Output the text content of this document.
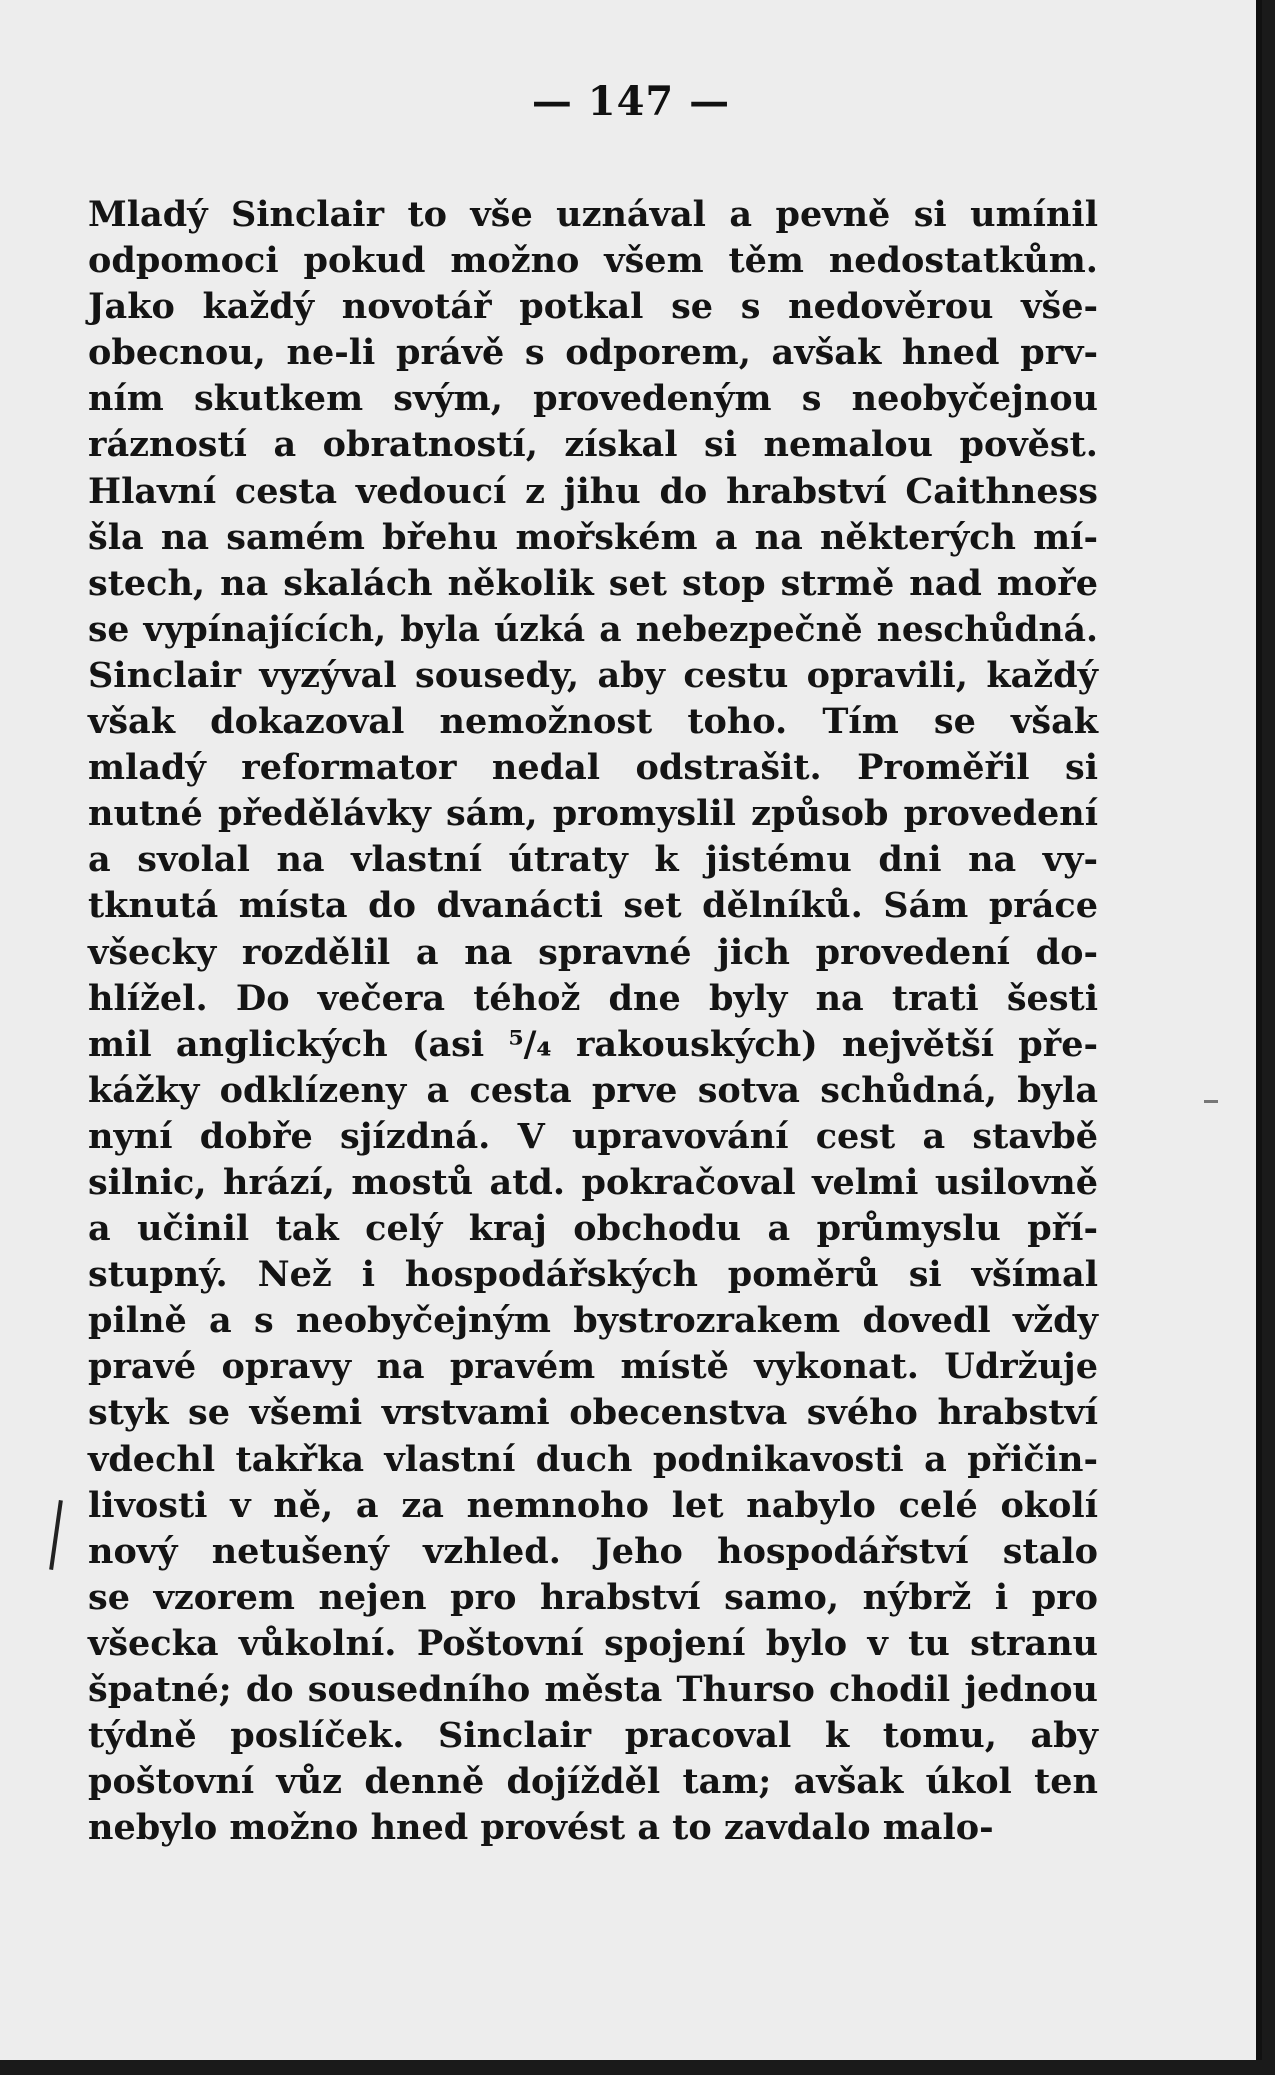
— 147 —
Mladý Sinclair to vše uznával a pevně si umínil
odpomoci pokud možno všem těm nedostatkům.
Jako každý novotář potkal se s nedověrou vše-
obecnou, ne-li právě s odporem, avšak hned prv-
ním skutkem svým, provedeným s neobyčejnou
rázností a obratností, získal si nemalou pověst.
Hlavní cesta vedoucí z jihu do hrabství Caithness
šla na samém břehu mořském a na některých mí-
stech, na skalách několik set stop strmě nad moře
se vypínajících, byla úzká a nebezpečně neschůdná.
Sinclair vyzýval sousedy, aby cestu opravili, každý
však dokazoval nemožnost toho. Tím se však
mladý reformator nedal odstrašit. Proměřil si
nutné předělávky sám, promyslil způsob provedení
a svolal na vlastní útraty k jistému dni na vy-
tknutá místa do dvanácti set dělníků. Sám práce
všecky rozdělil a na spravné jich provedení do-
hlížel. Do večera téhož dne byly na trati šesti
mil anglických (asi ⁵/₄ rakouských) největší pře-
kážky odklízeny a cesta prve sotva schůdná, byla
nyní dobře sjízdná. V upravování cest a stavbě
silnic, hrází, mostů atd. pokračoval velmi usilovně
a učinil tak celý kraj obchodu a průmyslu pří-
stupný. Než i hospodářských poměrů si všímal
pilně a s neobyčejným bystrozrakem dovedl vždy
pravé opravy na pravém místě vykonat. Udržuje
styk se všemi vrstvami obecenstva svého hrabství
vdechl takřka vlastní duch podnikavosti a přičin-
livosti v ně, a za nemnoho let nabylo celé okolí
nový netušený vzhled. Jeho hospodářství stalo
se vzorem nejen pro hrabství samo, nýbrž i pro
všecka vůkolní. Poštovní spojení bylo v tu stranu
špatné; do sousedního města Thurso chodil jednou
týdně poslíček. Sinclair pracoval k tomu, aby
poštovní vůz denně dojížděl tam; avšak úkol ten
nebylo možno hned provést a to zavdalo malo-
